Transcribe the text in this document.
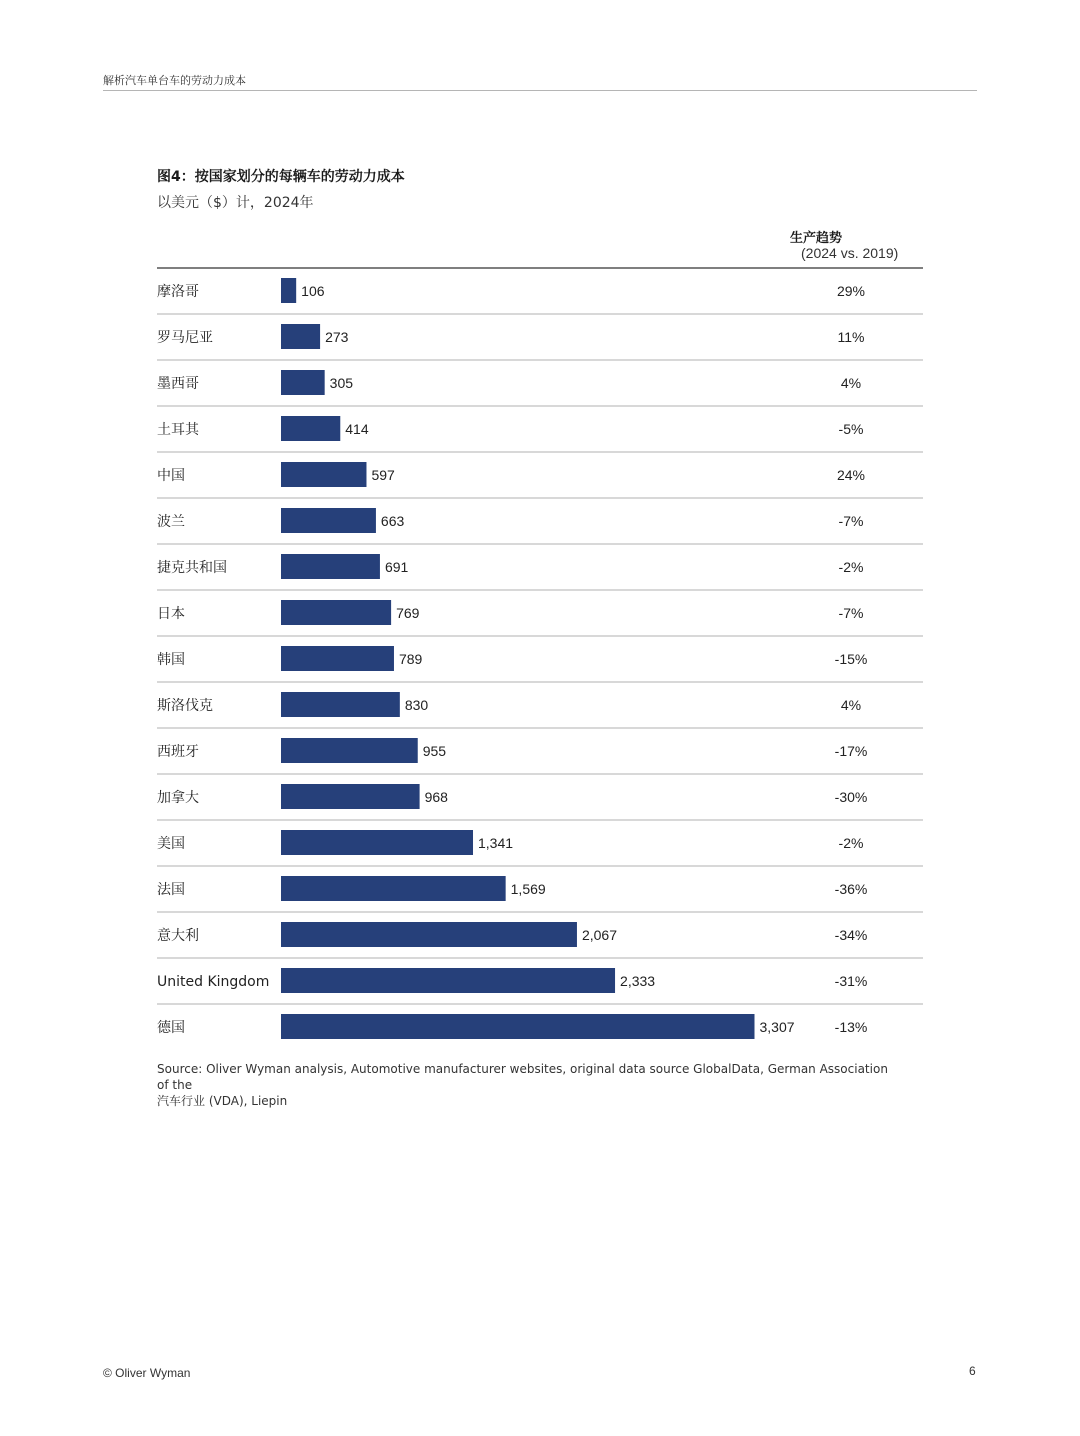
解析汽车单台车的劳动力成本
图4：按国家划分的每辆车的劳动力成本
以美元（$）计，2024年
生产趋势
(2024 vs. 2019)
摩洛哥	106	29%
罗马尼亚	273	11%
墨西哥	305	4%
土耳其	414	-5%
中国	597	24%
波兰	663	-7%
捷克共和国	691	-2%
日本	769	-7%
韩国	789	-15%
斯洛伐克	830	4%
西班牙	955	-17%
加拿大	968	-30%
美国	1,341	-2%
法国	1,569	-36%
意大利	2,067	-34%
United Kingdom	2,333	-31%
德国	3,307	-13%
Source: Oliver Wyman analysis, Automotive manufacturer websites, original data source GlobalData, German Association of the
汽车行业 (VDA), Liepin
© Oliver Wyman	6
